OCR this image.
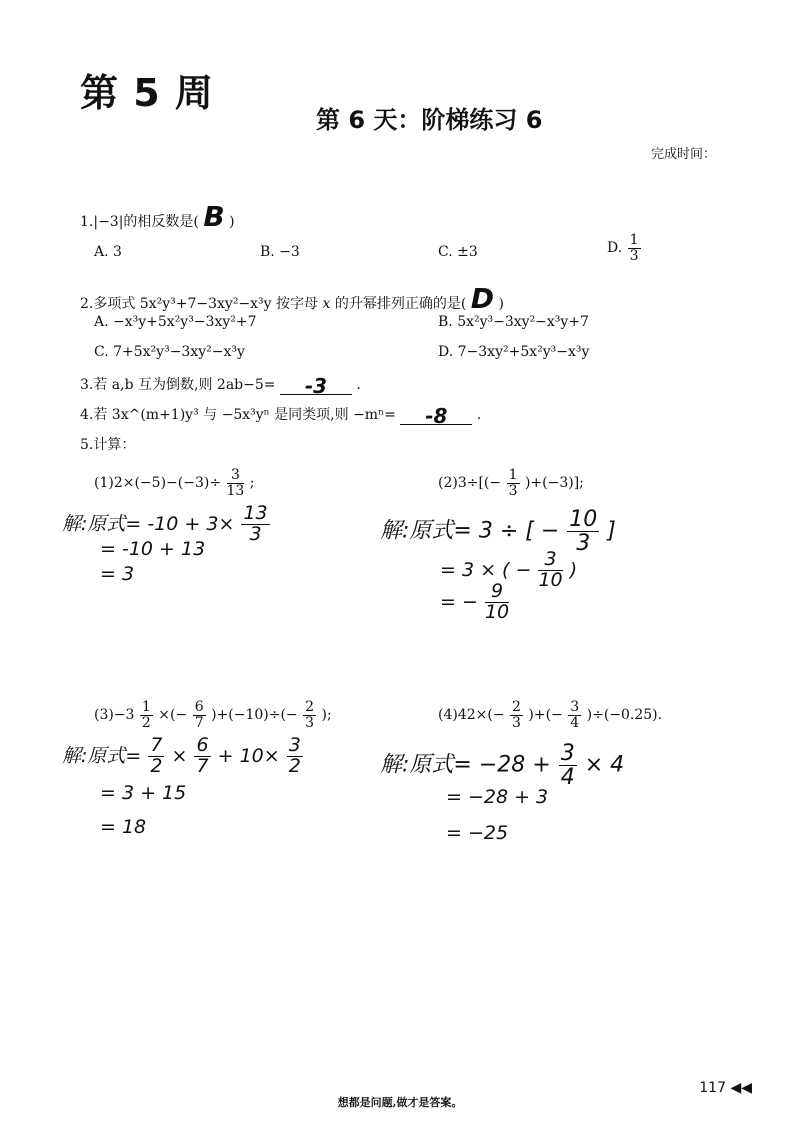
第 5 周
第 6 天：阶梯练习 6
完成时间：
1.|−3|的相反数是( B )
A. 3	B. −3	C. ±3	D. $\frac{1}{3}$
2.多项式 5x²y³+7−3xy²−x³y 按字母 x 的升幂排列正确的是( D )
A. −x³y+5x²y³−3xy²+7	B. 5x²y³−3xy²−x³y+7
C. 7+5x²y³−3xy²−x³y	D. 7−3xy²+5x²y³−x³y
3.若 a,b 互为倒数,则 2ab−5= -3 .
4.若 3x^(m+1)y³ 与 −5x³yⁿ 是同类项,则 −mⁿ= -8 .
5.计算：
$(1)2\times(-5)-(-3)\div \frac{3}{13}$ ;
解:原式= $-10 + 3\times \frac{13}{3}$
= -10 + 13
= 3
$(2)3\div[(- \frac{1}{3} )+(-3)]$;
解:原式= 3 ÷ [ − $\frac{10}{3}$ ]
= 3 × ( − $\frac{3}{10}$ )
= − $\frac{9}{10}$
$(3)-3 \frac{1}{2}$ ×(− $\frac{6}{7} )+(-10)\div(- \frac{2}{3}$ );
解:原式= $\frac{7}{2} \times \frac{6}{7} + 10\times \frac{3}{2}$
= 3 + 15
= 18
$(4)42\times(- \frac{2}{3}$ )+(− $\frac{3}{4} )\div(-0.25)$.
解:原式= $-28 + \frac{3}{4} \times 4$
= −28 + 3
= −25
想都是问题,做才是答案。
117 ◀◀
